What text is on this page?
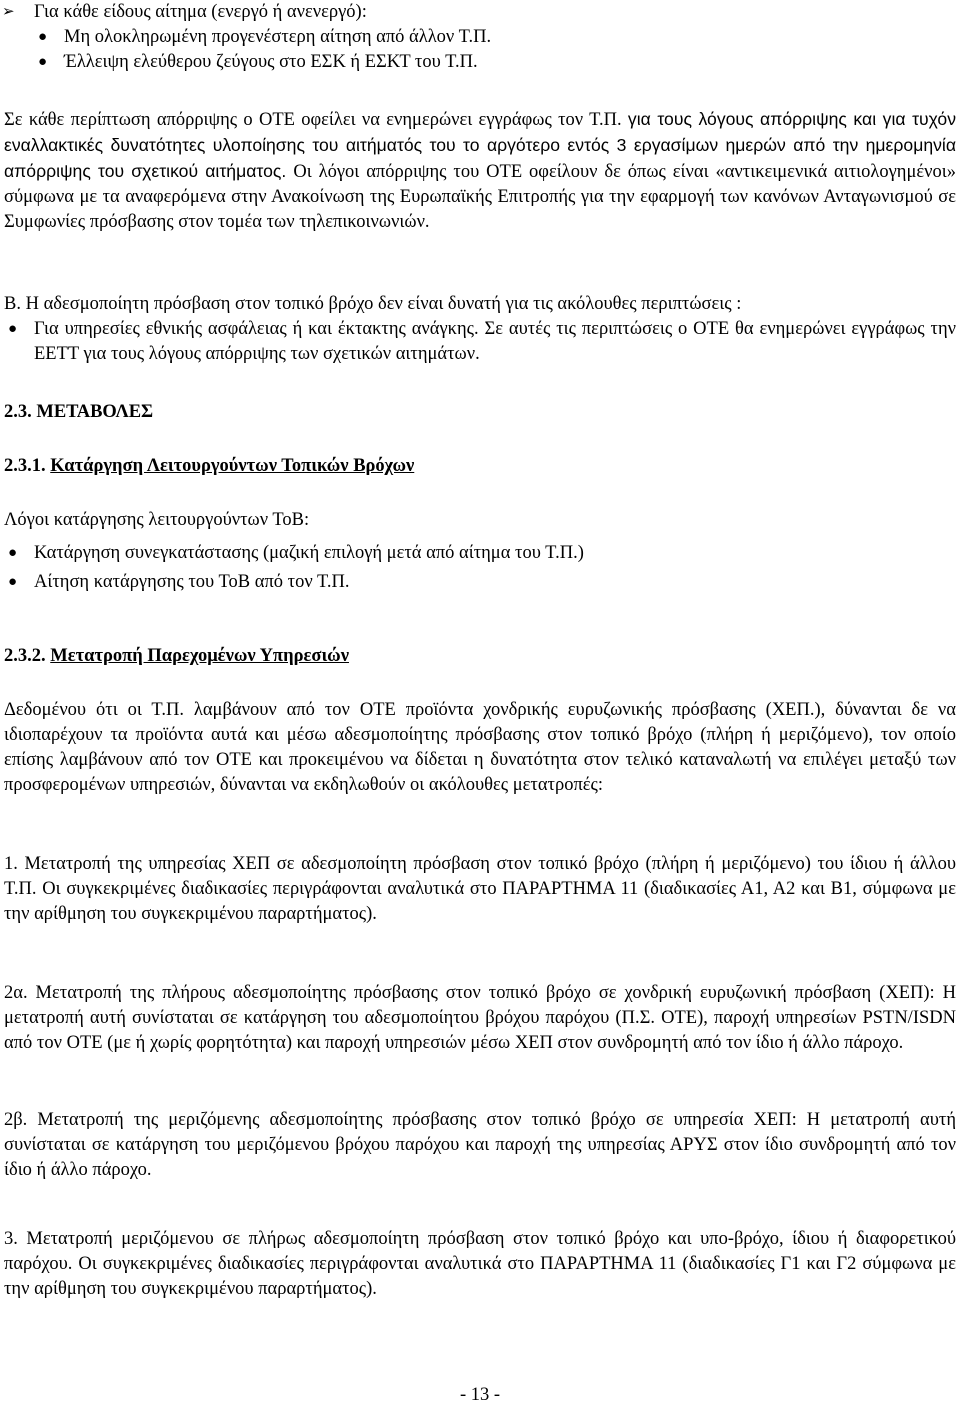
➢ Για κάθε είδους αίτημα (ενεργό ή ανενεργό):
● Μη ολοκληρωμένη προγενέστερη αίτηση από άλλον Τ.Π.
● Έλλειψη ελεύθερου ζεύγους στο ΕΣΚ ή ΕΣΚΤ του Τ.Π.

Σε κάθε περίπτωση απόρριψης ο ΟΤΕ οφείλει να ενημερώνει εγγράφως τον Τ.Π. για τους λόγους απόρριψης και για τυχόν εναλλακτικές δυνατότητες υλοποίησης του αιτήματός του το αργότερο εντός 3 εργασίμων ημερών από την ημερομηνία απόρριψης του σχετικού αιτήματος. Οι λόγοι απόρριψης του ΟΤΕ οφείλουν δε όπως είναι «αντικειμενικά αιτιολογημένοι» σύμφωνα με τα αναφερόμενα στην Ανακοίνωση της Ευρωπαϊκής Επιτροπής για την εφαρμογή των κανόνων Ανταγωνισμού σε Συμφωνίες πρόσβασης στον τομέα των τηλεπικοινωνιών.

Β. Η αδεσμοποίητη πρόσβαση στον τοπικό βρόχο δεν είναι δυνατή για τις ακόλουθες περιπτώσεις :
● Για υπηρεσίες εθνικής ασφάλειας ή και έκτακτης ανάγκης. Σε αυτές τις περιπτώσεις ο ΟΤΕ θα ενημερώνει εγγράφως την ΕΕΤΤ για τους λόγους απόρριψης των σχετικών αιτημάτων.
2.3. ΜΕΤΑΒΟΛΕΣ
2.3.1. Κατάργηση Λειτουργούντων Τοπικών Βρόχων
Λόγοι κατάργησης λειτουργούντων ΤοΒ:
● Κατάργηση συνεγκατάστασης (μαζική επιλογή μετά από αίτημα του Τ.Π.)
● Αίτηση κατάργησης του ΤοΒ από τον Τ.Π.
2.3.2. Μετατροπή Παρεχομένων Υπηρεσιών

Δεδομένου ότι οι Τ.Π. λαμβάνουν από τον ΟΤΕ προϊόντα χονδρικής ευρυζωνικής πρόσβασης (ΧΕΠ.), δύνανται δε να ιδιοπαρέχουν τα προϊόντα αυτά και μέσω αδεσμοποίητης πρόσβασης στον τοπικό βρόχο (πλήρη ή μεριζόμενο), τον οποίο επίσης λαμβάνουν από τον ΟΤΕ και προκειμένου να δίδεται η δυνατότητα στον τελικό καταναλωτή να επιλέγει μεταξύ των προσφερομένων υπηρεσιών, δύνανται να εκδηλωθούν οι ακόλουθες μετατροπές:

1. Μετατροπή της υπηρεσίας ΧΕΠ σε αδεσμοποίητη πρόσβαση στον τοπικό βρόχο (πλήρη ή μεριζόμενο) του ίδιου ή άλλου Τ.Π. Οι συγκεκριμένες διαδικασίες περιγράφονται αναλυτικά στο ΠΑΡΑΡΤΗΜΑ 11 (διαδικασίες Α1, Α2 και Β1, σύμφωνα με την αρίθμηση του συγκεκριμένου παραρτήματος).

2α. Μετατροπή της πλήρους αδεσμοποίητης πρόσβασης στον τοπικό βρόχο σε χονδρική ευρυζωνική πρόσβαση (ΧΕΠ): Η μετατροπή αυτή συνίσταται σε κατάργηση του αδεσμοποίητου βρόχου παρόχου (Π.Σ. ΟΤΕ), παροχή υπηρεσίων PSTN/ISDN από τον ΟΤΕ (με ή χωρίς φορητότητα) και παροχή υπηρεσιών μέσω ΧΕΠ στον συνδρομητή από τον ίδιο ή άλλο πάροχο.

2β. Μετατροπή της μεριζόμενης αδεσμοποίητης πρόσβασης στον τοπικό βρόχο σε υπηρεσία ΧΕΠ: Η μετατροπή αυτή συνίσταται σε κατάργηση του μεριζόμενου βρόχου παρόχου και παροχή της υπηρεσίας ΑΡΥΣ στον ίδιο συνδρομητή από τον ίδιο ή άλλο πάροχο.

3. Μετατροπή μεριζόμενου σε πλήρως αδεσμοποίητη πρόσβαση στον τοπικό βρόχο και υπο-βρόχο, ίδιου ή διαφορετικού παρόχου. Οι συγκεκριμένες διαδικασίες περιγράφονται αναλυτικά στο ΠΑΡΑΡΤΗΜΑ 11 (διαδικασίες Γ1 και Γ2 σύμφωνα με την αρίθμηση του συγκεκριμένου παραρτήματος).

- 13 -
